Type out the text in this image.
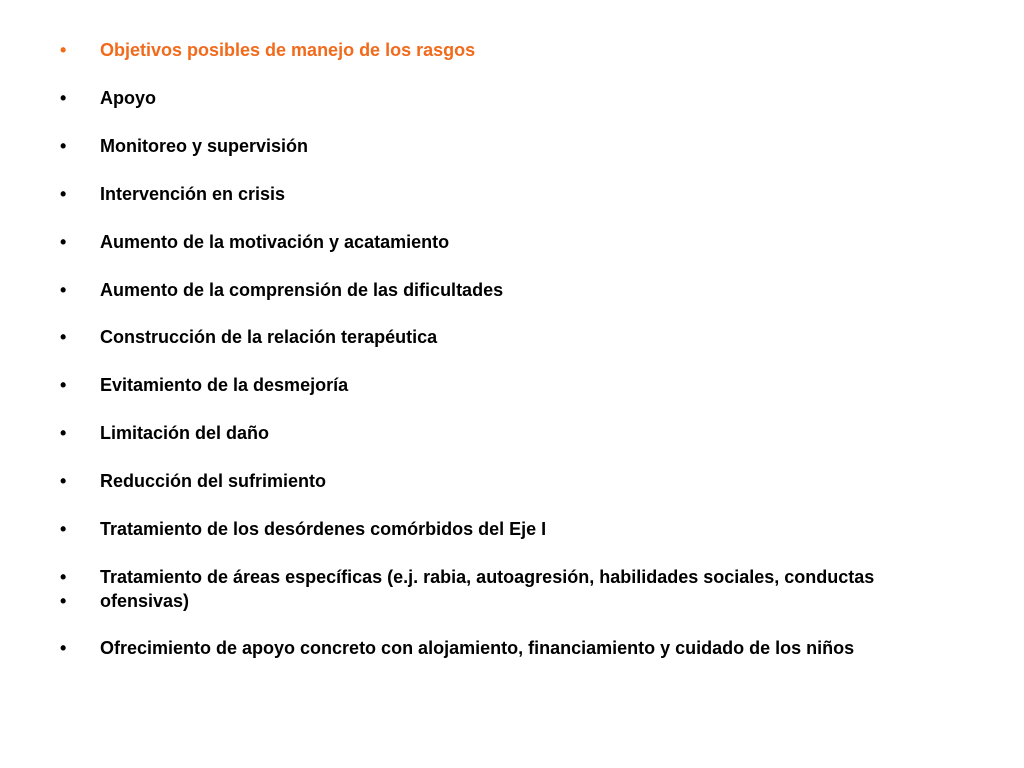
•	Objetivos posibles de manejo de los rasgos
•	Apoyo
•	Monitoreo y supervisión
•	Intervención en crisis
•	Aumento de la motivación y acatamiento
•	Aumento de la comprensión de las dificultades
•	Construcción de la relación terapéutica
•	Evitamiento de la desmejoría
•	Limitación del daño
•	Reducción del sufrimiento
•	Tratamiento de los desórdenes comórbidos del Eje I
•	Tratamiento de áreas específicas (e.j. rabia, autoagresión, habilidades sociales, conductas
•	ofensivas)
•	Ofrecimiento de apoyo concreto con alojamiento, financiamiento y cuidado de los niños
